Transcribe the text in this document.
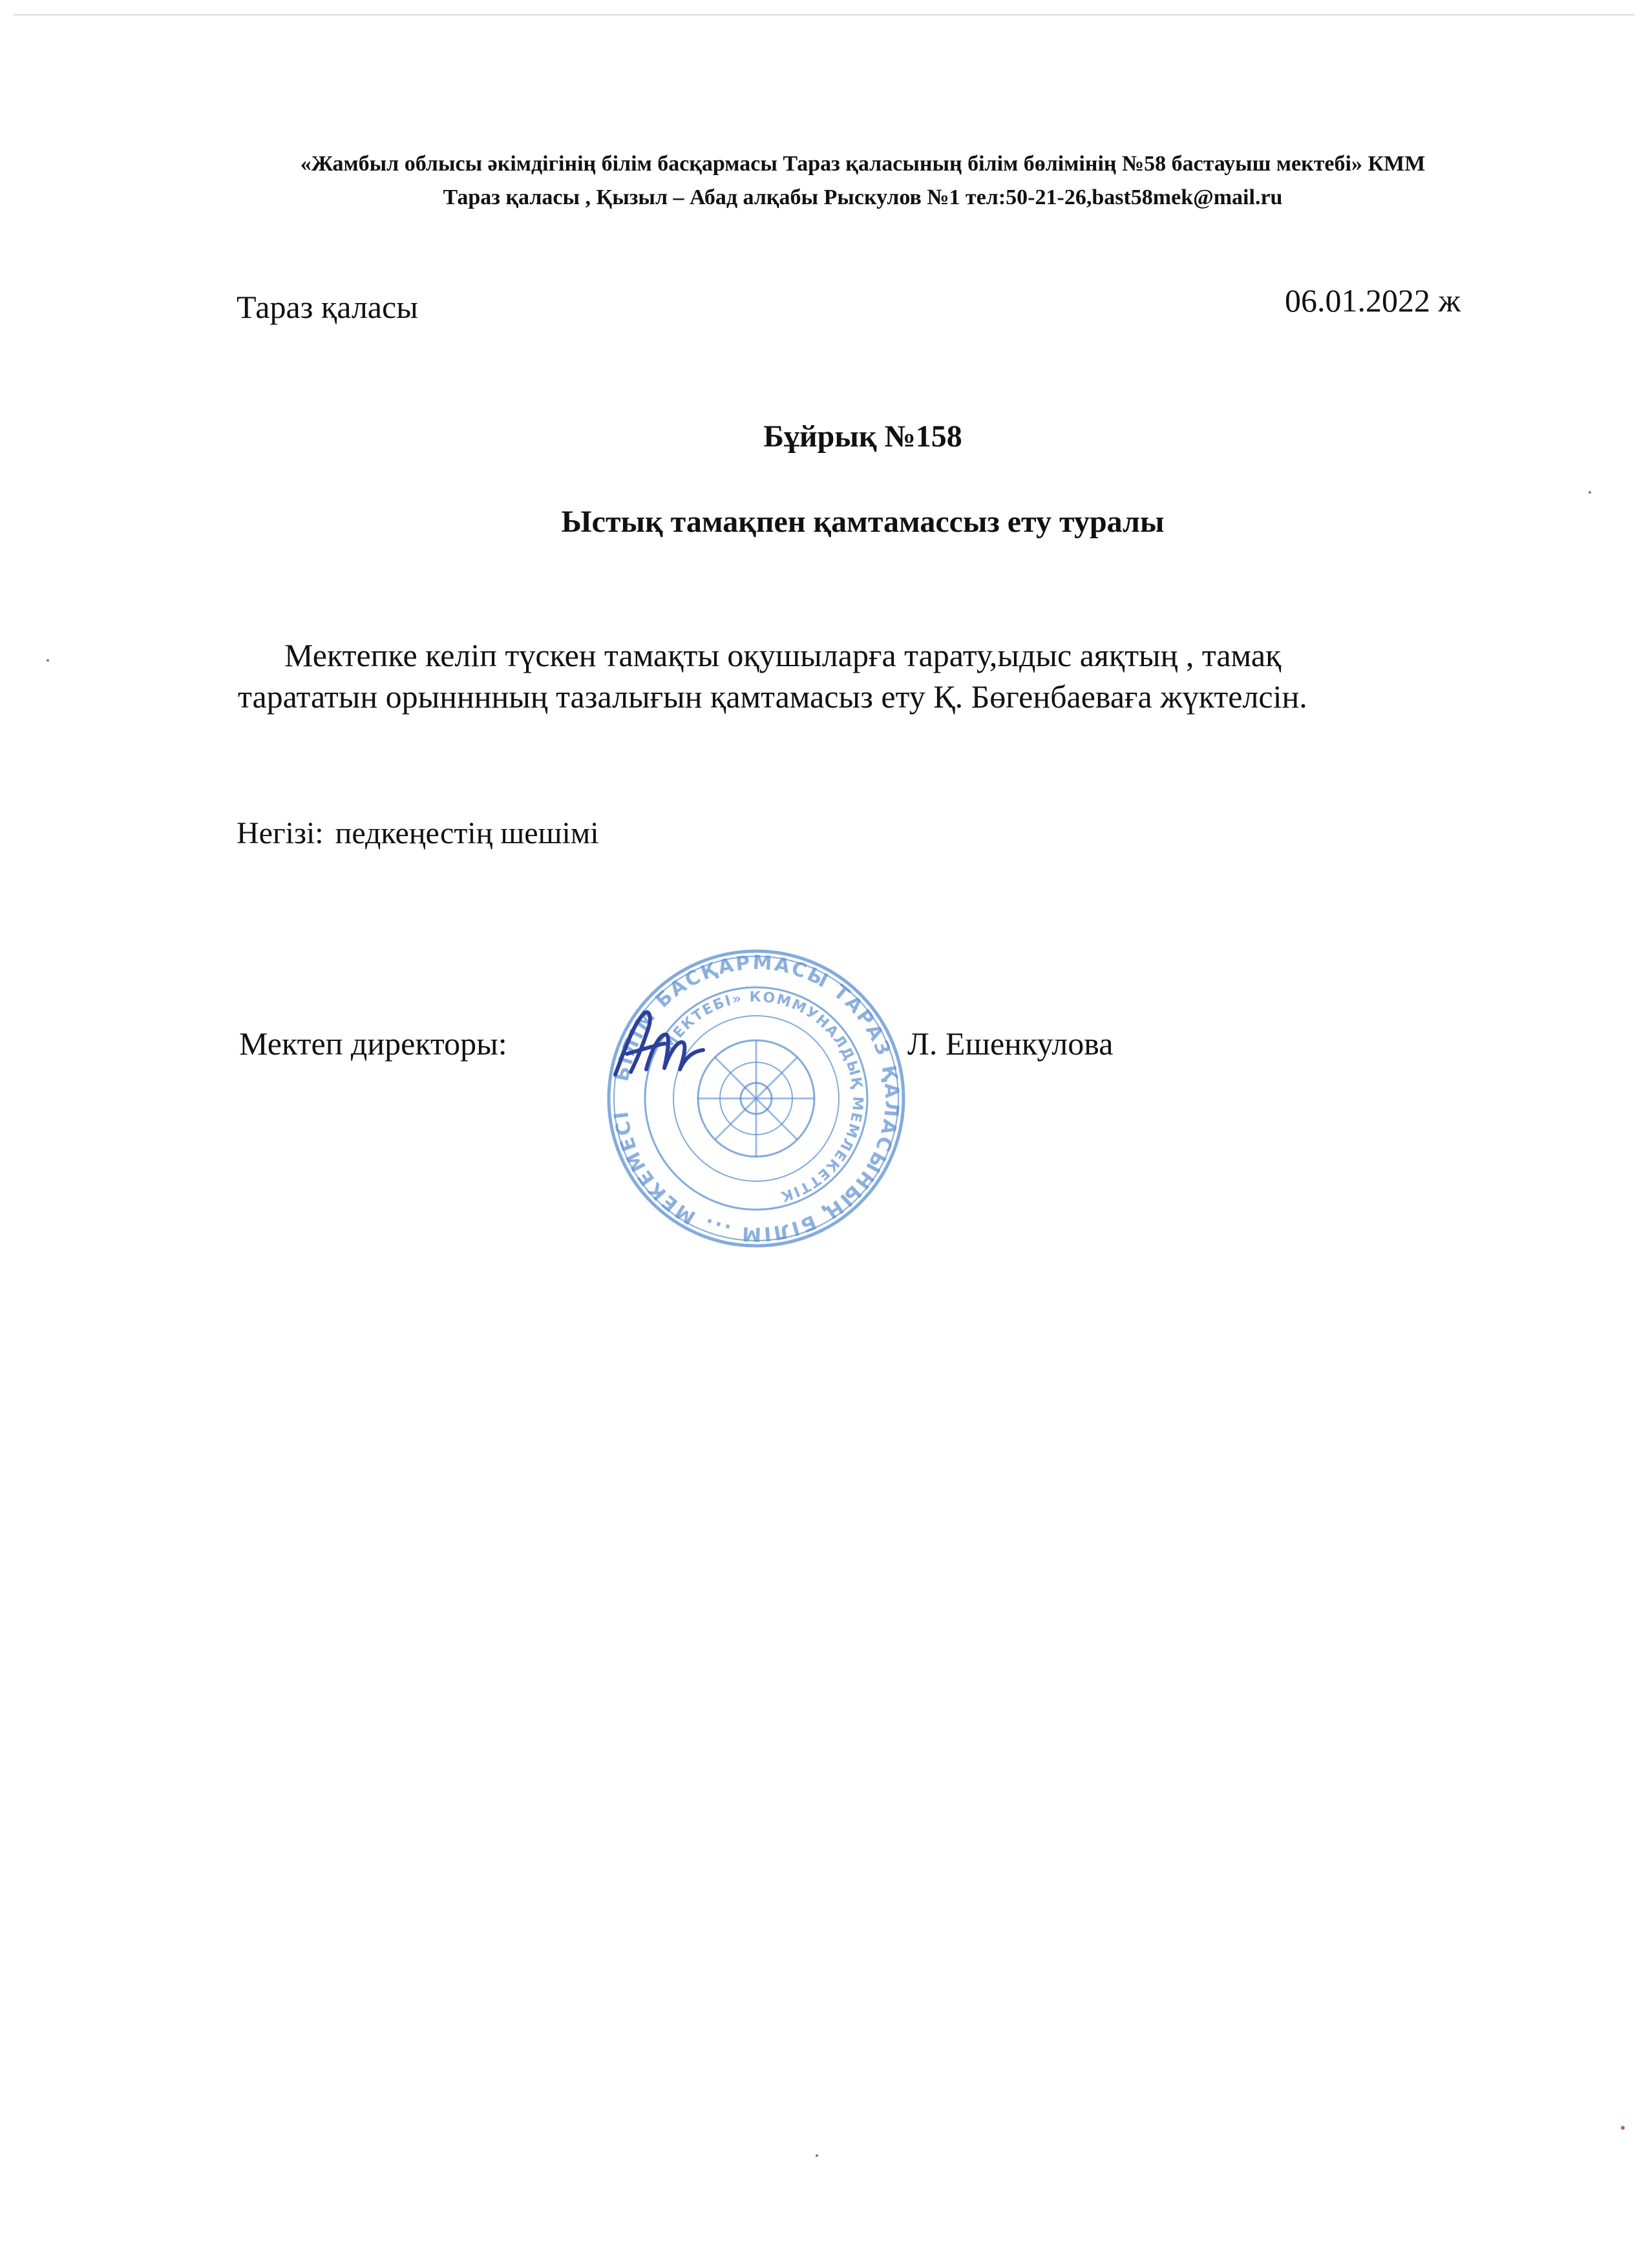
«Жамбыл облысы әкімдігінің білім басқармасы Тараз қаласының білім бөлімінің №58 бастауыш мектебі» КММ
Тараз қаласы , Қызыл – Абад алқабы Рыскулов №1 тел:50-21-26,bast58mek@mail.ru
Тараз қаласы	06.01.2022 ж
Бұйрық №158
Ыстық тамақпен қамтамассыз ету туралы
Мектепке келіп түскен тамақты оқушыларға тарату,ыдыс аяқтың , тамақ
тарататын орынннның тазалығын қамтамасыз ету Қ. Бөгенбаеваға жүктелсін.
Негізі: педкеңестің шешімі
БІЛІМ БАСҚАРМАСЫ ТАРАЗ ҚАЛАСЫНЫҢ БІЛІМ ... МЕКЕМЕСІ
МЕКТЕБІ» КОММУНАЛДЫҚ МЕМЛЕКЕТТІК
Мектеп директоры:	Л. Ешенкулова
